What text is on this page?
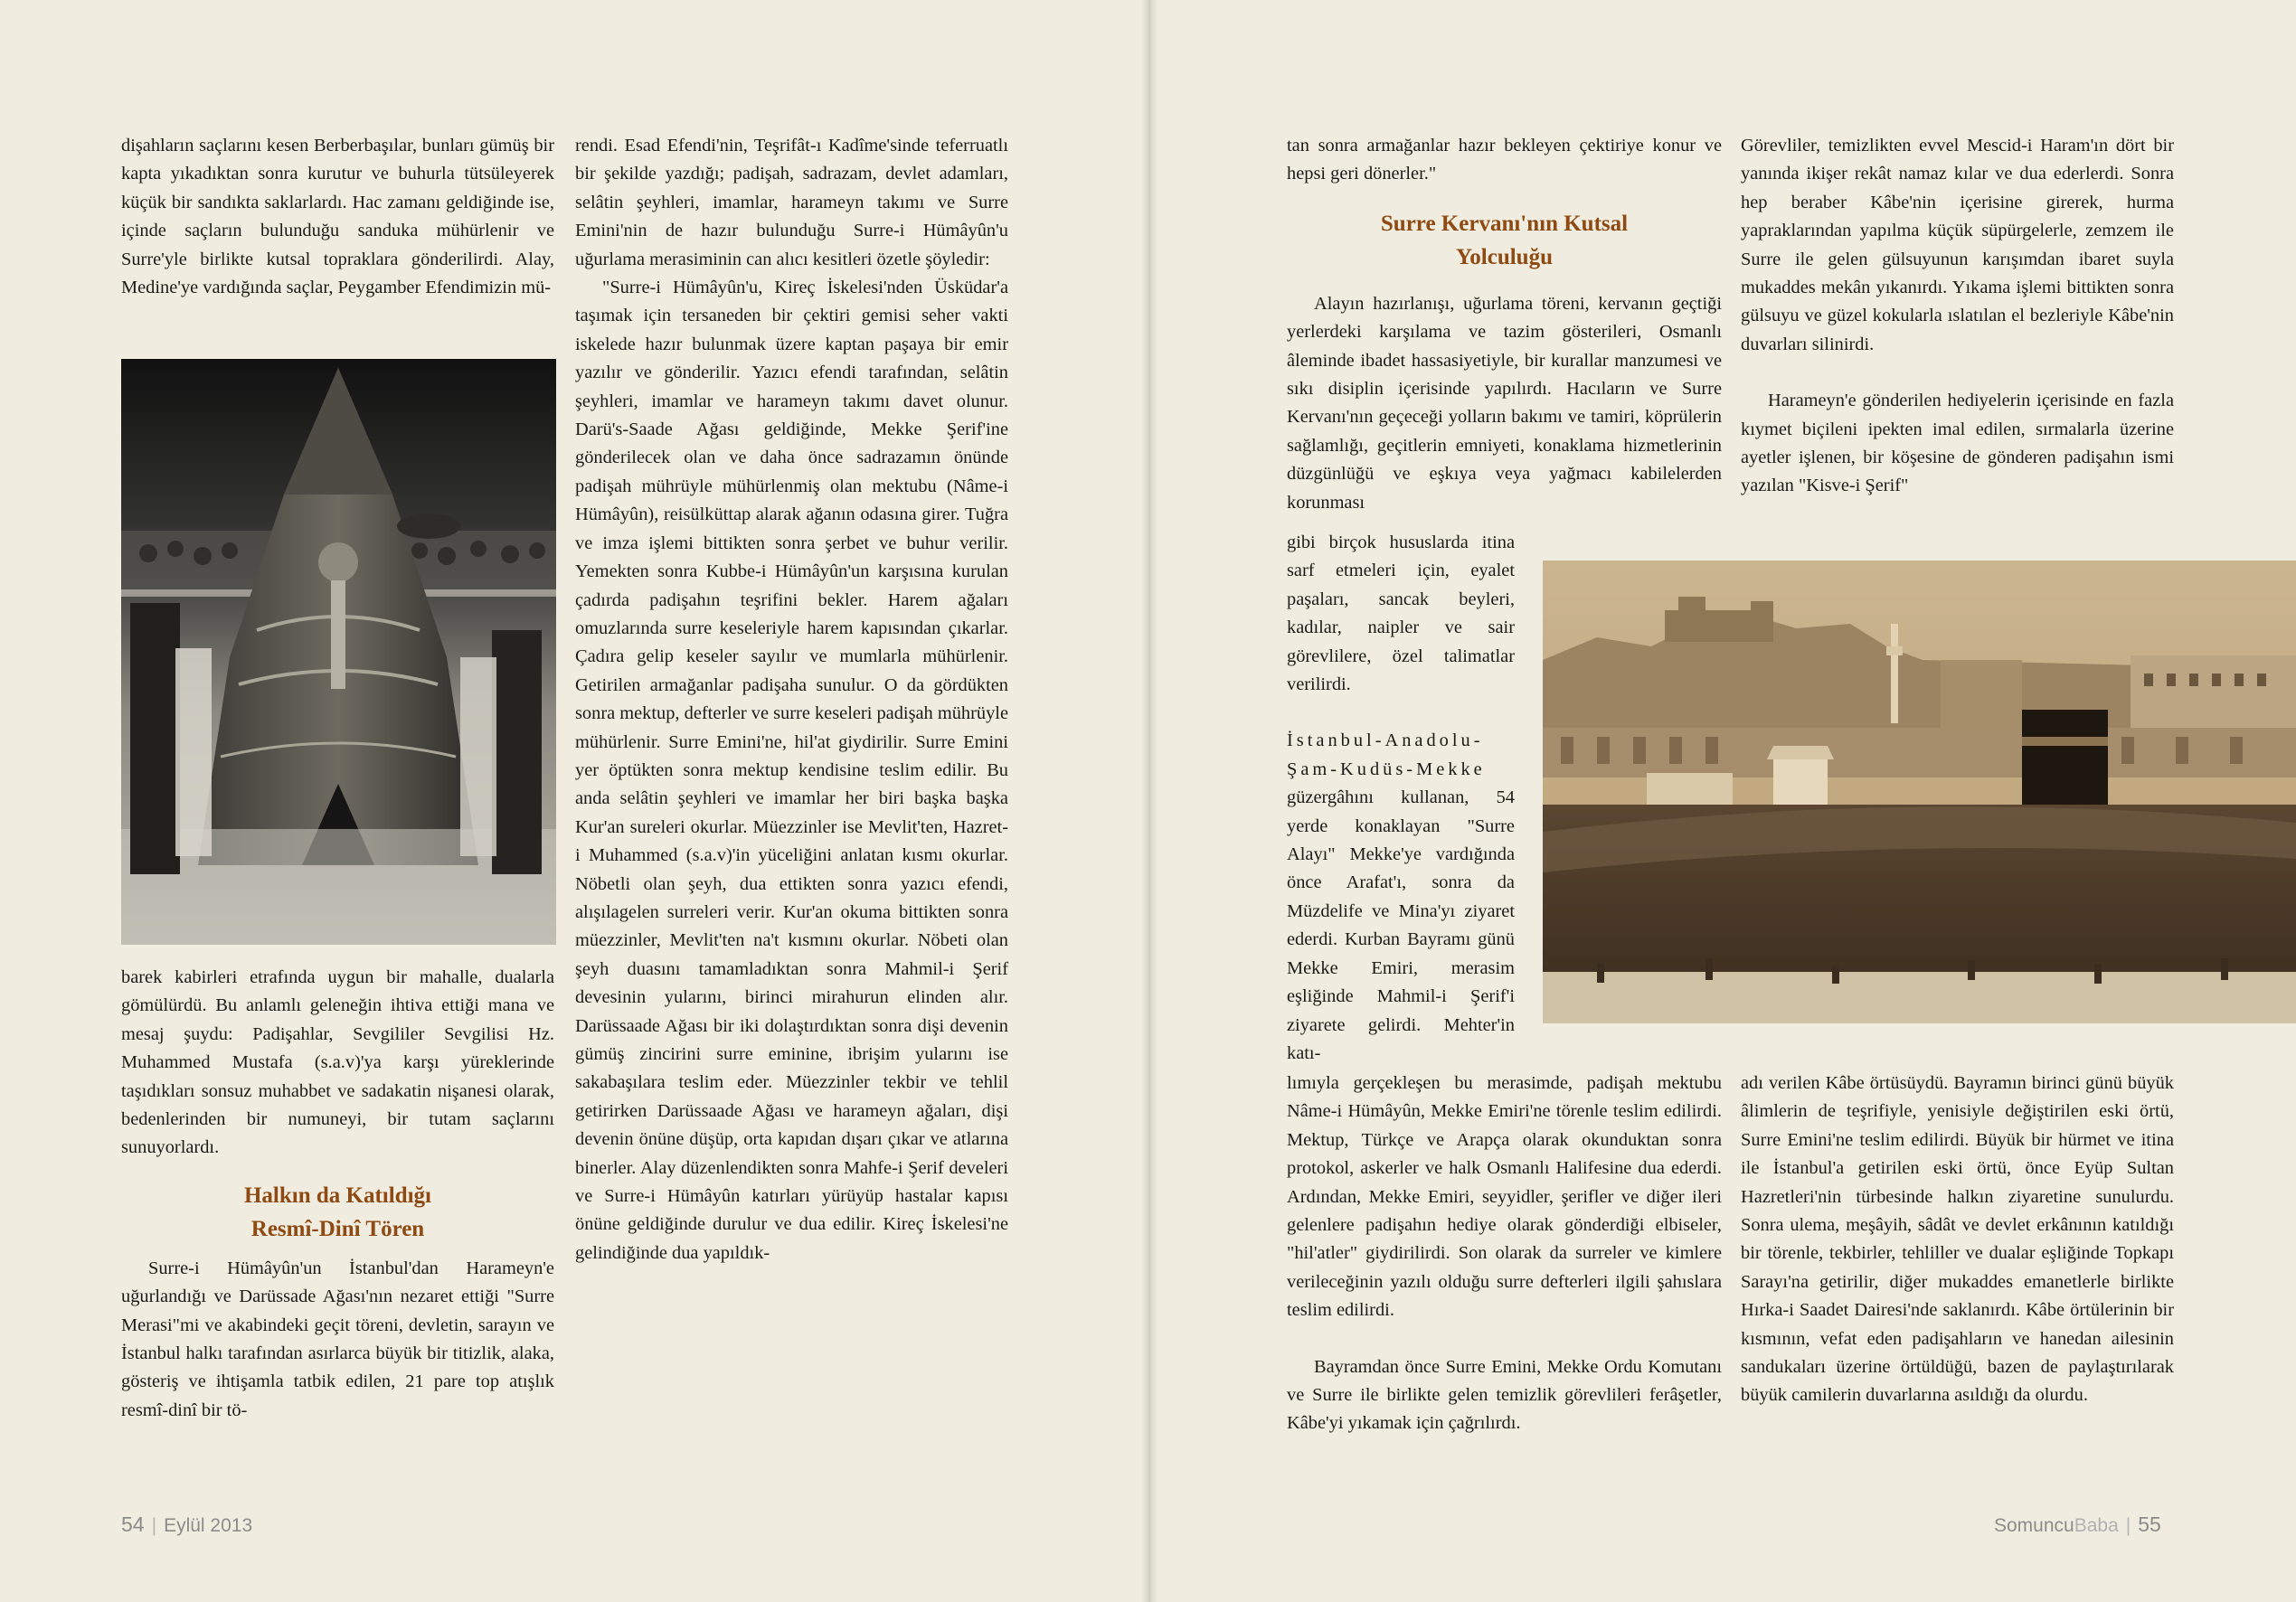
dişahların saçlarını kesen Berberbaşılar, bunları gümüş bir kapta yıkadıktan sonra kurutur ve buhurla tütsüleyerek küçük bir sandıkta saklarlardı. Hac zamanı geldiğinde ise, içinde saçların bulunduğu sanduka mühürlenir ve Surre'yle birlikte kutsal topraklara gönderilirdi. Alay, Medine'ye vardığında saçlar, Peygamber Efendimizin mü-

barek kabirleri etrafında uygun bir mahalle, dualarla gömülürdü. Bu anlamlı geleneğin ihtiva ettiği mana ve mesaj şuydu: Padişahlar, Sevgililer Sevgilisi Hz. Muhammed Mustafa (s.a.v)'ya karşı yüreklerinde taşıdıkları sonsuz muhabbet ve sadakatin nişanesi olarak, bedenlerinden bir numuneyi, bir tutam saçlarını sunuyorlardı.

Halkın da Katıldığı
Resmî-Dinî Tören

Surre-i Hümâyûn'un İstanbul'dan Harameyn'e uğurlandığı ve Darüssade Ağası'nın nezaret ettiği "Surre Merasi"mi ve akabindeki geçit töreni, devletin, sarayın ve İstanbul halkı tarafından asırlarca büyük bir titizlik, alaka, gösteriş ve ihtişamla tatbik edilen, 21 pare top atışlık resmî-dinî bir tö-

rendi. Esad Efendi'nin, Teşrifât-ı Kadîme'sinde teferruatlı bir şekilde yazdığı; padişah, sadrazam, devlet adamları, selâtin şeyhleri, imamlar, harameyn takımı ve Surre Emini'nin de hazır bulunduğu Surre-i Hümâyûn'u uğurlama merasiminin can alıcı kesitleri özetle şöyledir:

"Surre-i Hümâyûn'u, Kireç İskelesi'nden Üsküdar'a taşımak için tersaneden bir çektiri gemisi seher vakti iskelede hazır bulunmak üzere kaptan paşaya bir emir yazılır ve gönderilir. Yazıcı efendi tarafından, selâtin şeyhleri, imamlar ve harameyn takımı davet olunur. Darü's-Saade Ağası geldiğinde, Mekke Şerif'ine gönderilecek olan ve daha önce sadrazamın önünde padişah mührüyle mühürlenmiş olan mektubu (Nâme-i Hümâyûn), reisülküttap alarak ağanın odasına girer. Tuğra ve imza işlemi bittikten sonra şerbet ve buhur verilir. Yemekten sonra Kubbe-i Hümâyûn'un karşısına kurulan çadırda padişahın teşrifini bekler. Harem ağaları omuzlarında surre keseleriyle harem kapısından çıkarlar. Çadıra gelip keseler sayılır ve mumlarla mühürlenir. Getirilen armağanlar padişaha sunulur. O da gördükten sonra mektup, defterler ve surre keseleri padişah mührüyle mühürlenir. Surre Emini'ne, hil'at giydirilir. Surre Emini yer öptükten sonra mektup kendisine teslim edilir. Bu anda selâtin şeyhleri ve imamlar her biri başka başka Kur'an sureleri okurlar. Müezzinler ise Mevlit'ten, Hazret-i Muhammed (s.a.v)'in yüceliğini anlatan kısmı okurlar. Nöbetli olan şeyh, dua ettikten sonra yazıcı efendi, alışılagelen surreleri verir. Kur'an okuma bittikten sonra müezzinler, Mevlit'ten na't kısmını okurlar. Nöbeti olan şeyh duasını tamamladıktan sonra Mahmil-i Şerif devesinin yularını, birinci mirahurun elinden alır. Darüssaade Ağası bir iki dolaştırdıktan sonra dişi devenin gümüş zincirini surre eminine, ibrişim yularını ise sakabaşılara teslim eder. Müezzinler tekbir ve tehlil getirirken Darüssaade Ağası ve harameyn ağaları, dişi devenin önüne düşüp, orta kapıdan dışarı çıkar ve atlarına binerler. Alay düzenlendikten sonra Mahfe-i Şerif develeri ve Surre-i Hümâyûn katırları yürüyüp hastalar kapısı önüne geldiğinde durulur ve dua edilir. Kireç İskelesi'ne gelindiğinde dua yapıldık-

54 | Eylül 2013

tan sonra armağanlar hazır bekleyen çektiriye konur ve hepsi geri dönerler."

Surre Kervanı'nın Kutsal
Yolculuğu

Alayın hazırlanışı, uğurlama töreni, kervanın geçtiği yerlerdeki karşılama ve tazim gösterileri, Osmanlı âleminde ibadet hassasiyetiyle, bir kurallar manzumesi ve sıkı disiplin içerisinde yapılırdı. Hacıların ve Surre Kervanı'nın geçeceği yolların bakımı ve tamiri, köprülerin sağlamlığı, geçitlerin emniyeti, konaklama hizmetlerinin düzgünlüğü ve eşkıya veya yağmacı kabilelerden korunması

gibi birçok hususlarda itina sarf etmeleri için, eyalet paşaları, sancak beyleri, kadılar, naipler ve sair görevlilere, özel talimatlar verilirdi.

İstanbul-Anadolu-

Şam-Kudüs-Mekke

güzergâhını kullanan, 54 yerde konaklayan "Surre Alayı" Mekke'ye vardığında önce Arafat'ı, sonra da Müzdelife ve Mina'yı ziyaret ederdi. Kurban Bayramı günü Mekke Emiri, merasim eşliğinde Mahmil-i Şerif'i ziyarete gelirdi. Mehter'in katı-

lımıyla gerçekleşen bu merasimde, padişah mektubu Nâme-i Hümâyûn, Mekke Emiri'ne törenle teslim edilirdi. Mektup, Türkçe ve Arapça olarak okunduktan sonra protokol, askerler ve halk Osmanlı Halifesine dua ederdi. Ardından, Mekke Emiri, seyyidler, şerifler ve diğer ileri gelenlere padişahın hediye olarak gönderdiği elbiseler, "hil'atler" giydirilirdi. Son olarak da surreler ve kimlere verileceğinin yazılı olduğu surre defterleri ilgili şahıslara teslim edilirdi.

Bayramdan önce Surre Emini, Mekke Ordu Komutanı ve Surre ile birlikte gelen temizlik görevlileri ferâşetler, Kâbe'yi yıkamak için çağrılırdı.

Görevliler, temizlikten evvel Mescid-i Haram'ın dört bir yanında ikişer rekât namaz kılar ve dua ederlerdi. Sonra hep beraber Kâbe'nin içerisine girerek, hurma yapraklarından yapılma küçük süpürgelerle, zemzem ile Surre ile gelen gülsuyunun karışımdan ibaret suyla mukaddes mekân yıkanırdı. Yıkama işlemi bittikten sonra gülsuyu ve güzel kokularla ıslatılan el bezleriyle Kâbe'nin duvarları silinirdi.

Harameyn'e gönderilen hediyelerin içerisinde en fazla kıymet biçileni ipekten imal edilen, sırmalarla üzerine ayetler işlenen, bir köşesine de gönderen padişahın ismi yazılan "Kisve-i Şerif"

adı verilen Kâbe örtüsüydü. Bayramın birinci günü büyük âlimlerin de teşrifiyle, yenisiyle değiştirilen eski örtü, Surre Emini'ne teslim edilirdi. Büyük bir hürmet ve itina ile İstanbul'a getirilen eski örtü, önce Eyüp Sultan Hazretleri'nin türbesinde halkın ziyaretine sunulurdu. Sonra ulema, meşâyih, sâdât ve devlet erkânının katıldığı bir törenle, tekbirler, tehliller ve dualar eşliğinde Topkapı Sarayı'na getirilir, diğer mukaddes emanetlerle birlikte Hırka-i Saadet Dairesi'nde saklanırdı. Kâbe örtülerinin bir kısmının, vefat eden padişahların ve hanedan ailesinin sandukaları üzerine örtüldüğü, bazen de paylaştırılarak büyük camilerin duvarlarına asıldığı da olurdu.

SomuncuBaba | 55
